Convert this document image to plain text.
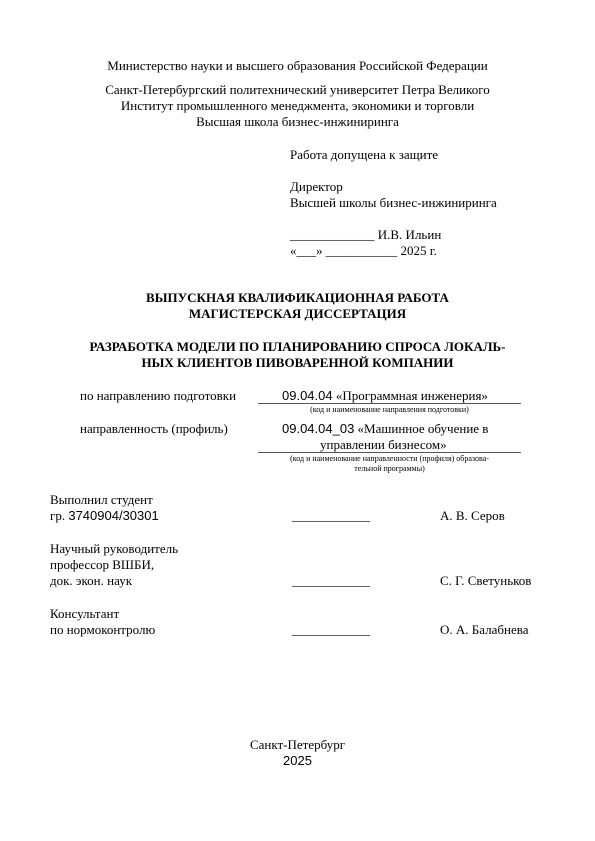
Министерство науки и высшего образования Российской Федерации
Санкт-Петербургский политехнический университет Петра Великого
Институт промышленного менеджмента, экономики и торговли
Высшая школа бизнес-инжиниринга
Работа допущена к защите
Директор
Высшей школы бизнес-инжиниринга
_____________ И.В. Ильин
«___» ___________ 2025 г.
ВЫПУСКНАЯ КВАЛИФИКАЦИОННАЯ РАБОТА
МАГИСТЕРСКАЯ ДИССЕРТАЦИЯ
РАЗРАБОТКА МОДЕЛИ ПО ПЛАНИРОВАНИЮ СПРОСА ЛОКАЛЬ-
НЫХ КЛИЕНТОВ ПИВОВАРЕННОЙ КОМПАНИИ
по направлению подготовки	09.04.04 «Программная инженерия»
(код и наименование направления подготовки)
направленность (профиль)	09.04.04_03 «Машинное обучение в
управлении бизнесом»
(код и наименование направленности (профиля) образова-
тельной программы)
Выполнил студент
гр. 3740904/30301	____________	А. В. Серов
Научный руководитель
профессор ВШБИ,
док. экон. наук	____________	С. Г. Светуньков
Консультант
по нормоконтролю	____________	О. А. Балабнева
Санкт-Петербург
2025
